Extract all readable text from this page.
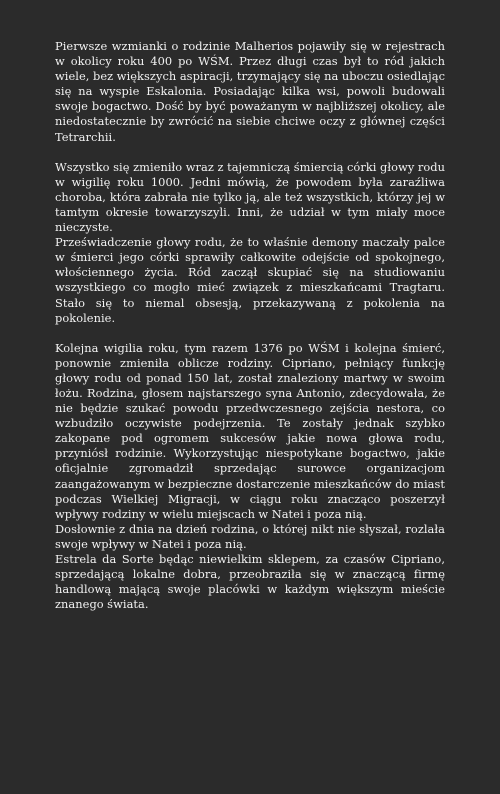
Pierwsze wzmianki o rodzinie Malherios pojawiły się w rejestrach w okolicy roku 400 po WŚM. Przez długi czas był to ród jakich wiele, bez większych aspiracji, trzymający się na uboczu osiedlając się na wyspie Eskalonia. Posiadając kilka wsi, powoli budowali swoje bogactwo. Dość by być poważanym w najbliższej okolicy, ale niedostatecznie by zwrócić na siebie chciwe oczy z głównej części Tetrarchii.

Wszystko się zmieniło wraz z tajemniczą śmiercią córki głowy rodu w wigilię roku 1000. Jedni mówią, że powodem była zaraźliwa choroba, która zabrała nie tylko ją, ale też wszystkich, którzy jej w tamtym okresie towarzyszyli. Inni, że udział w tym miały moce nieczyste.

Przeświadczenie głowy rodu, że to właśnie demony maczały palce w śmierci jego córki sprawiły całkowite odejście od spokojnego, włościennego życia. Ród zaczął skupiać się na studiowaniu wszystkiego co mogło mieć związek z mieszkańcami Tragtaru. Stało się to niemal obsesją, przekazywaną z pokolenia na pokolenie.

Kolejna wigilia roku, tym razem 1376 po WŚM i kolejna śmierć, ponownie zmieniła oblicze rodziny. Cipriano, pełniący funkcję głowy rodu od ponad 150 lat, został znaleziony martwy w swoim łożu. Rodzina, głosem najstarszego syna Antonio, zdecydowała, że nie będzie szukać powodu przedwczesnego zejścia nestora, co wzbudziło oczywiste podejrzenia. Te zostały jednak szybko zakopane pod ogromem sukcesów jakie nowa głowa rodu, przyniósł rodzinie. Wykorzystując niespotykane bogactwo, jakie oficjalnie zgromadził sprzedając surowce organizacjom zaangażowanym w bezpieczne dostarczenie mieszkańców do miast podczas Wielkiej Migracji, w ciągu roku znacząco poszerzył wpływy rodziny w wielu miejscach w Natei i poza nią.

Dosłownie z dnia na dzień rodzina, o której nikt nie słyszał, rozlała swoje wpływy w Natei i poza nią.

Estrela da Sorte będąc niewielkim sklepem, za czasów Cipriano, sprzedającą lokalne dobra, przeobraziła się w znaczącą firmę handlową mającą swoje placówki w każdym większym mieście znanego świata.
